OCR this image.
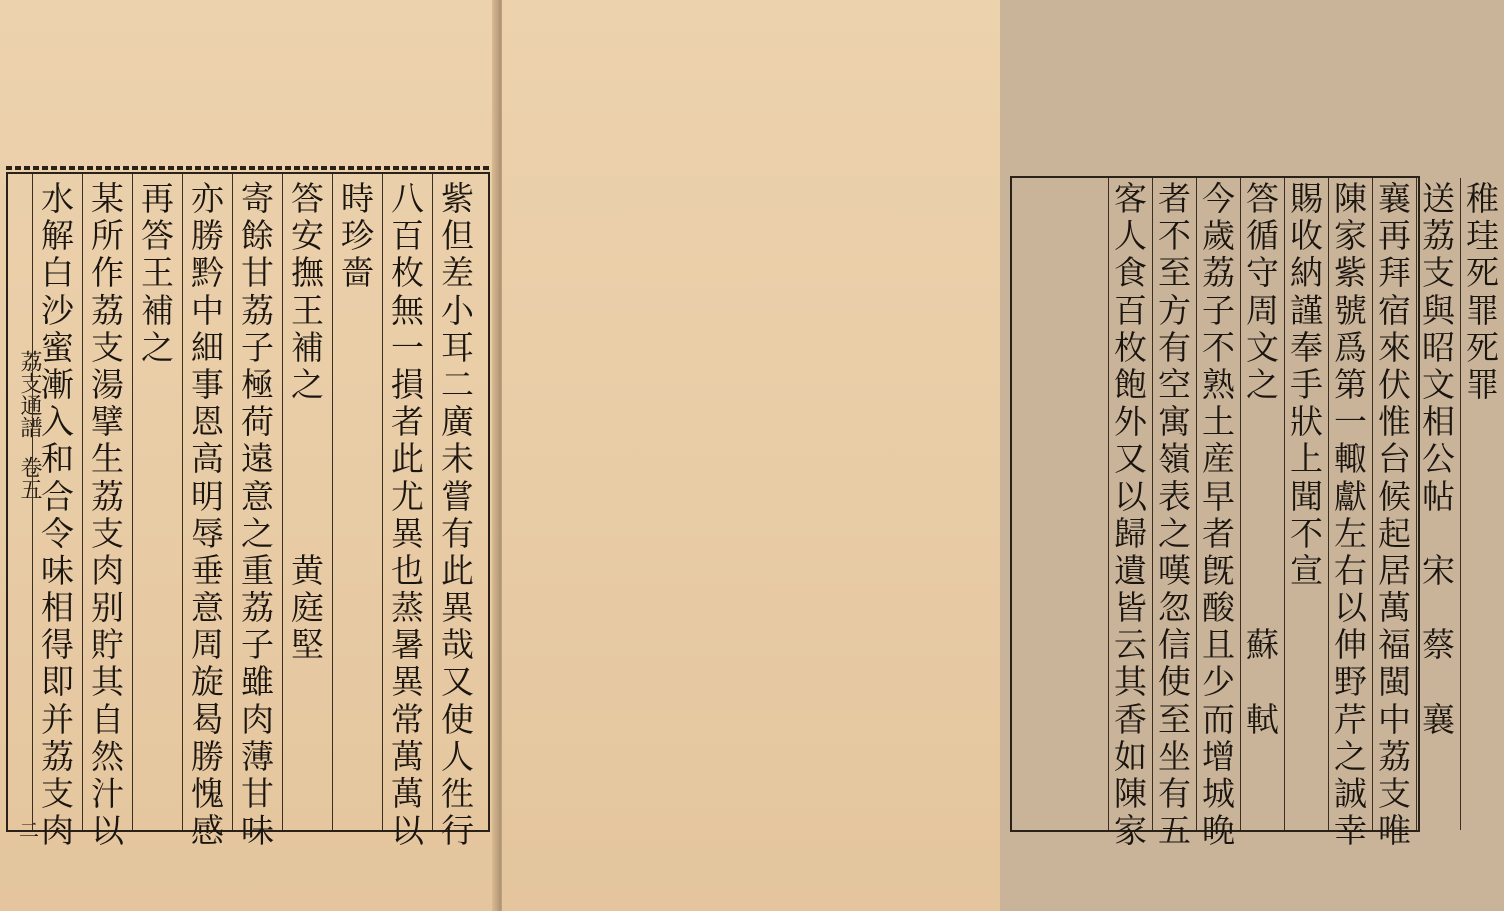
荔支通譜
卷五
二
紫
但
差
小
耳
二
廣
未
嘗
有
此
異
哉
又
使
人
徃
行
八
百
枚
無
一
損
者
此
尤
異
也
蒸
暑
異
常
萬
萬
以
時
珍
嗇
答
安
撫
王
補
之

黄
庭
堅
寄
餘
甘
荔
子
極
荷
遠
意
之
重
荔
子
雖
肉
薄
甘
味
亦
勝
黔
中
細
事
恩
高
明
辱
垂
意
周
旋
曷
勝
愧
感
再
答
王
補
之
某
所
作
荔
支
湯
擘
生
荔
支
肉
别
貯
其
自
然
汁
以
水
解
白
沙
蜜
漸
入
和
合
令
味
相
得
即
并
荔
支
肉
稚
珪
死
罪
死
罪
送
荔
支
與
昭
文
相
公
帖

宋

蔡

襄
襄
再
拜
宿
來
伏
惟
台
候
起
居
萬
福
閩
中
荔
支
唯
陳
家
紫
號
爲
第
一
輙
獻
左
右
以
伸
野
芹
之
誠
幸
賜
收
納
謹
奉
手
狀
上
聞
不
宣
答
循
守
周
文
之

蘇

軾
今
歲
荔
子
不
熟
土
産
早
者
旣
酸
且
少
而
增
城
晚
者
不
至
方
有
空
寓
嶺
表
之
嘆
忽
信
使
至
坐
有
五
客
人
食
百
枚
飽
外
又
以
歸
遺
皆
云
其
香
如
陳
家
